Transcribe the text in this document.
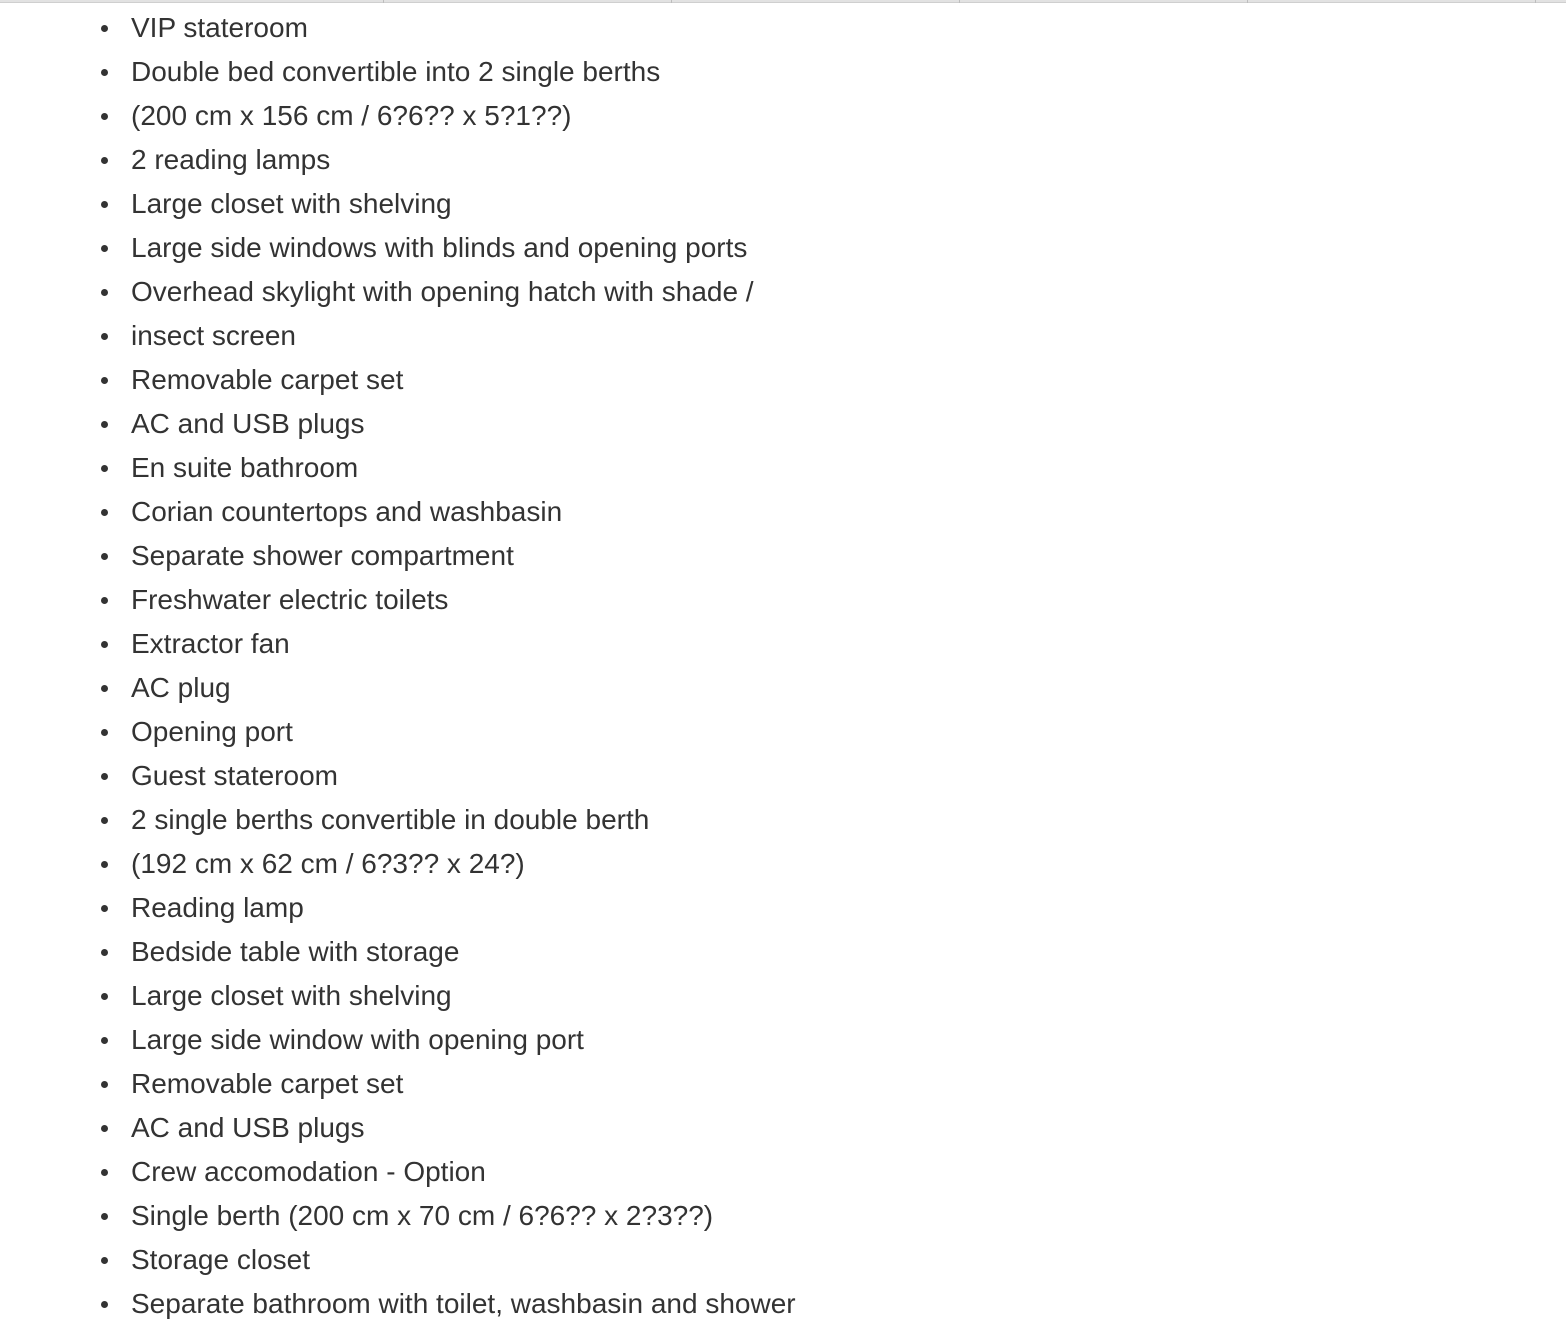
VIP stateroom
Double bed convertible into 2 single berths
(200 cm x 156 cm / 6?6?? x 5?1??)
2 reading lamps
Large closet with shelving
Large side windows with blinds and opening ports
Overhead skylight with opening hatch with shade /
insect screen
Removable carpet set
AC and USB plugs
En suite bathroom
Corian countertops and washbasin
Separate shower compartment
Freshwater electric toilets
Extractor fan
AC plug
Opening port
Guest stateroom
2 single berths convertible in double berth
(192 cm x 62 cm / 6?3?? x 24?)
Reading lamp
Bedside table with storage
Large closet with shelving
Large side window with opening port
Removable carpet set
AC and USB plugs
Crew accomodation - Option
Single berth (200 cm x 70 cm / 6?6?? x 2?3??)
Storage closet
Separate bathroom with toilet, washbasin and shower
